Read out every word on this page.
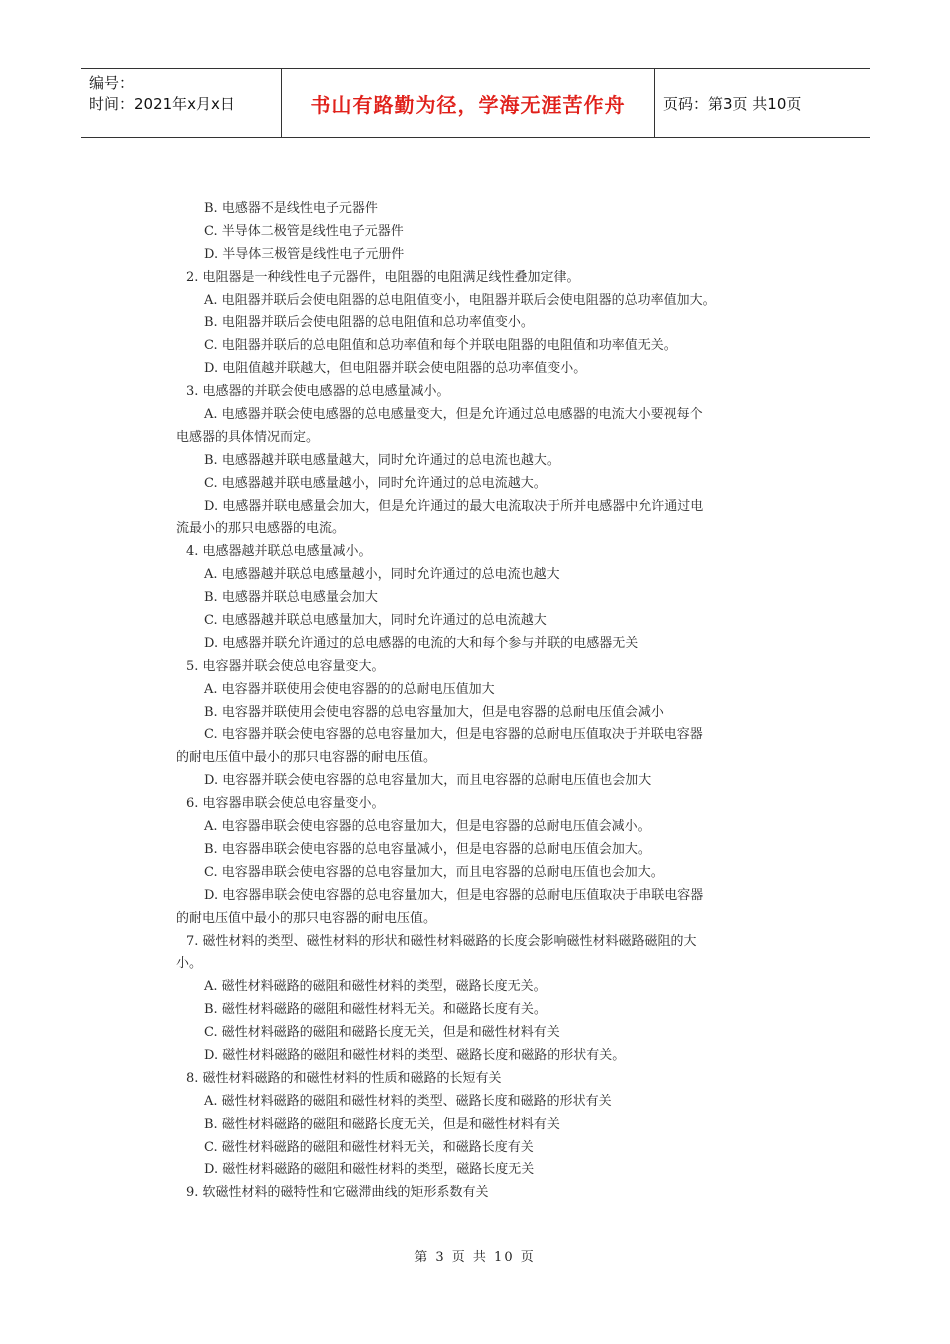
编号：
时间：2021年x月x日	书山有路勤为径，学海无涯苦作舟	页码：第3页 共10页
B. 电感器不是线性电子元器件
C. 半导体二极管是线性电子元器件
D. 半导体三极管是线性电子元册件
2. 电阻器是一种线性电子元器件，电阻器的电阻满足线性叠加定律。
A. 电阻器并联后会使电阻器的总电阻值变小，电阻器并联后会使电阻器的总功率值加大。
B. 电阻器并联后会使电阻器的总电阻值和总功率值变小。
C. 电阻器并联后的总电阻值和总功率值和每个并联电阻器的电阻值和功率值无关。
D. 电阻值越并联越大，但电阻器并联会使电阻器的总功率值变小。
3. 电感器的并联会使电感器的总电感量减小。
A. 电感器并联会使电感器的总电感量变大，但是允许通过总电感器的电流大小要视每个
电感器的具体情况而定。
B. 电感器越并联电感量越大，同时允许通过的总电流也越大。
C. 电感器越并联电感量越小，同时允许通过的总电流越大。
D. 电感器并联电感量会加大，但是允许通过的最大电流取决于所并电感器中允许通过电
流最小的那只电感器的电流。
4. 电感器越并联总电感量减小。
A. 电感器越并联总电感量越小，同时允许通过的总电流也越大
B. 电感器并联总电感量会加大
C. 电感器越并联总电感量加大，同时允许通过的总电流越大
D. 电感器并联允许通过的总电感器的电流的大和每个参与并联的电感器无关
5. 电容器并联会使总电容量变大。
A. 电容器并联使用会使电容器的的总耐电压值加大
B. 电容器并联使用会使电容器的总电容量加大，但是电容器的总耐电压值会减小
C. 电容器并联会使电容器的总电容量加大，但是电容器的总耐电压值取决于并联电容器
的耐电压值中最小的那只电容器的耐电压值。
D. 电容器并联会使电容器的总电容量加大，而且电容器的总耐电压值也会加大
6. 电容器串联会使总电容量变小。
A. 电容器串联会使电容器的总电容量加大，但是电容器的总耐电压值会减小。
B. 电容器串联会使电容器的总电容量减小，但是电容器的总耐电压值会加大。
C. 电容器串联会使电容器的总电容量加大，而且电容器的总耐电压值也会加大。
D. 电容器串联会使电容器的总电容量加大，但是电容器的总耐电压值取决于串联电容器
的耐电压值中最小的那只电容器的耐电压值。
7. 磁性材料的类型、磁性材料的形状和磁性材料磁路的长度会影响磁性材料磁路磁阻的大
小。
A. 磁性材料磁路的磁阻和磁性材料的类型，磁路长度无关。
B. 磁性材料磁路的磁阻和磁性材料无关。和磁路长度有关。
C. 磁性材料磁路的磁阻和磁路长度无关，但是和磁性材料有关
D. 磁性材料磁路的磁阻和磁性材料的类型、磁路长度和磁路的形状有关。
8. 磁性材料磁路的和磁性材料的性质和磁路的长短有关
A. 磁性材料磁路的磁阻和磁性材料的类型、磁路长度和磁路的形状有关
B. 磁性材料磁路的磁阻和磁路长度无关，但是和磁性材料有关
C. 磁性材料磁路的磁阻和磁性材料无关，和磁路长度有关
D. 磁性材料磁路的磁阻和磁性材料的类型，磁路长度无关
9. 软磁性材料的磁特性和它磁滞曲线的矩形系数有关
第 3 页 共 10 页
